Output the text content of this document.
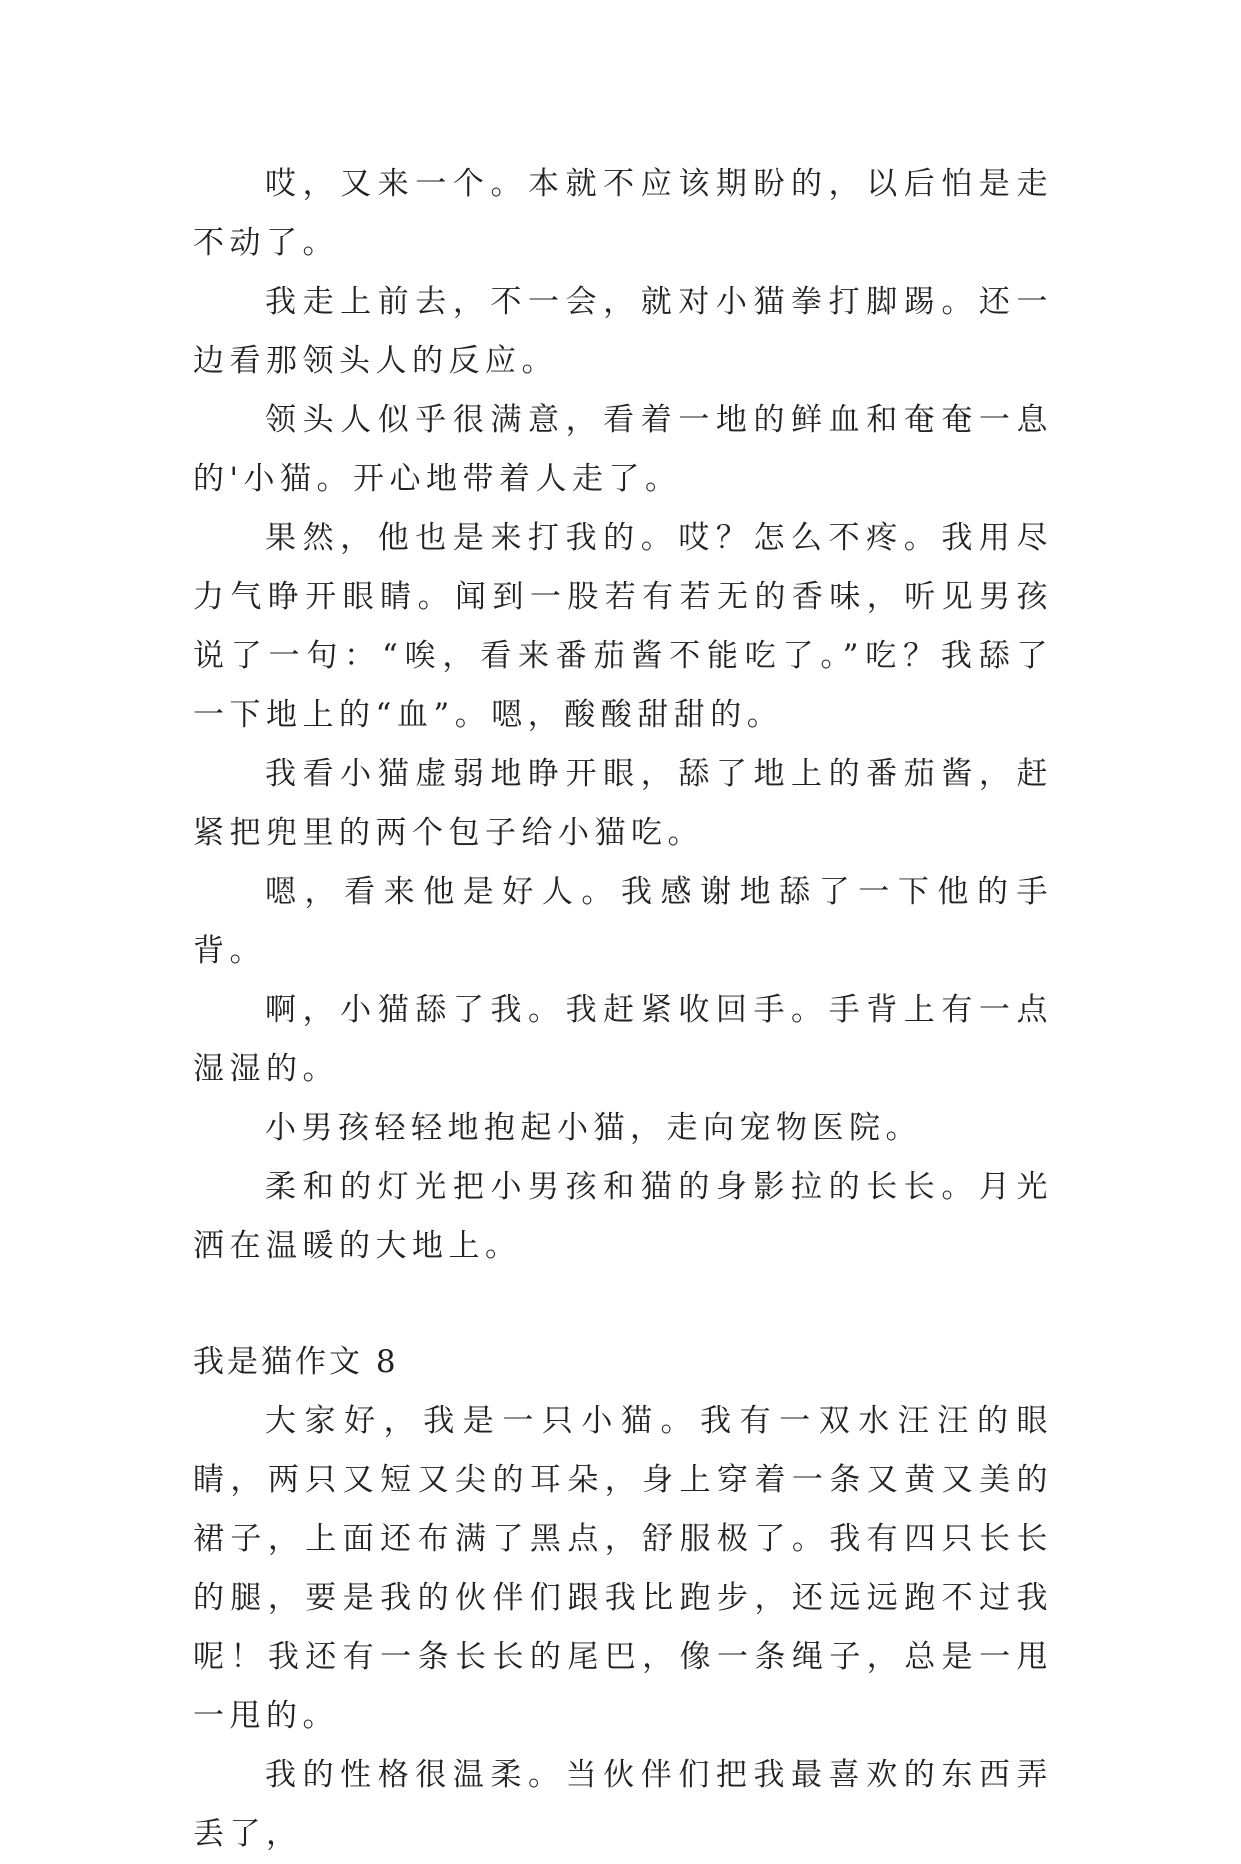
哎，又来一个。本就不应该期盼的，以后怕是走不动了。

我走上前去，不一会，就对小猫拳打脚踢。还一边看那领头人的反应。

领头人似乎很满意，看着一地的鲜血和奄奄一息的'小猫。开心地带着人走了。

果然，他也是来打我的。哎？怎么不疼。我用尽力气睁开眼睛。闻到一股若有若无的香味，听见男孩说了一句：“唉，看来番茄酱不能吃了。”吃？我舔了一下地上的“血”。嗯，酸酸甜甜的。

我看小猫虚弱地睁开眼，舔了地上的番茄酱，赶紧把兜里的两个包子给小猫吃。

嗯，看来他是好人。我感谢地舔了一下他的手背。

啊，小猫舔了我。我赶紧收回手。手背上有一点湿湿的。

小男孩轻轻地抱起小猫，走向宠物医院。

柔和的灯光把小男孩和猫的身影拉的长长。月光洒在温暖的大地上。

我是猫作文 8

大家好，我是一只小猫。我有一双水汪汪的眼睛，两只又短又尖的耳朵，身上穿着一条又黄又美的裙子，上面还布满了黑点，舒服极了。我有四只长长的腿，要是我的伙伴们跟我比跑步，还远远跑不过我呢！我还有一条长长的尾巴，像一条绳子，总是一甩一甩的。

我的性格很温柔。当伙伴们把我最喜欢的东西弄丢了，
